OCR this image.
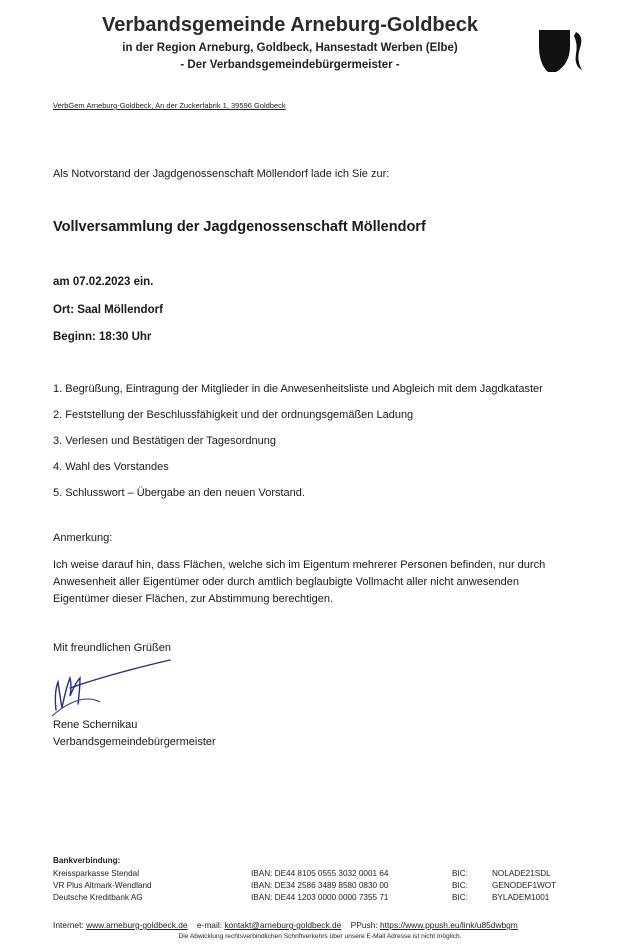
Verbandsgemeinde Arneburg-Goldbeck
in der Region Arneburg, Goldbeck, Hansestadt Werben (Elbe)
- Der Verbandsgemeindebürgermeister -
VerbGem Arneburg-Goldbeck, An der Zuckerfabrik 1, 39596 Goldbeck
Als Notvorstand der Jagdgenossenschaft Möllendorf lade ich Sie zur:
Vollversammlung der Jagdgenossenschaft Möllendorf
am 07.02.2023 ein.
Ort: Saal Möllendorf
Beginn: 18:30 Uhr
1. Begrüßung, Eintragung der Mitglieder in die Anwesenheitsliste und Abgleich mit dem Jagdkataster
2. Feststellung der Beschlussfähigkeit und der ordnungsgemäßen Ladung
3. Verlesen und Bestätigen der Tagesordnung
4. Wahl des Vorstandes
5. Schlusswort – Übergabe an den neuen Vorstand.
Anmerkung:
Ich weise darauf hin, dass Flächen, welche sich im Eigentum mehrerer Personen befinden, nur durch Anwesenheit aller Eigentümer oder durch amtlich beglaubigte Vollmacht aller nicht anwesenden Eigentümer dieser Flächen, zur Abstimmung berechtigen.
Mit freundlichen Grüßen
Rene Schernikau
Verbandsgemeindebürgermeister
Bankverbindung:
Kreissparkasse Stendal	IBAN: DE44 8105 0555 3032 0001 64	BIC:	NOLADE21SDL
VR Plus Altmark-Wendland	IBAN: DE34 2586 3489 8580 0830 00	BIC:	GENODEF1WOT
Deutsche Kreditbank AG	IBAN: DE44 1203 0000 0000 7355 71	BIC:	BYLADEM1001
Internet: www.arneburg-goldbeck.de e-mail: kontakt@arneburg-goldbeck.de PPush: https://www.ppush.eu/link/u85dwbgm
Die Abwicklung rechtsverbindlichen Schriftverkehrs über unsere E-Mail Adresse ist nicht möglich.
